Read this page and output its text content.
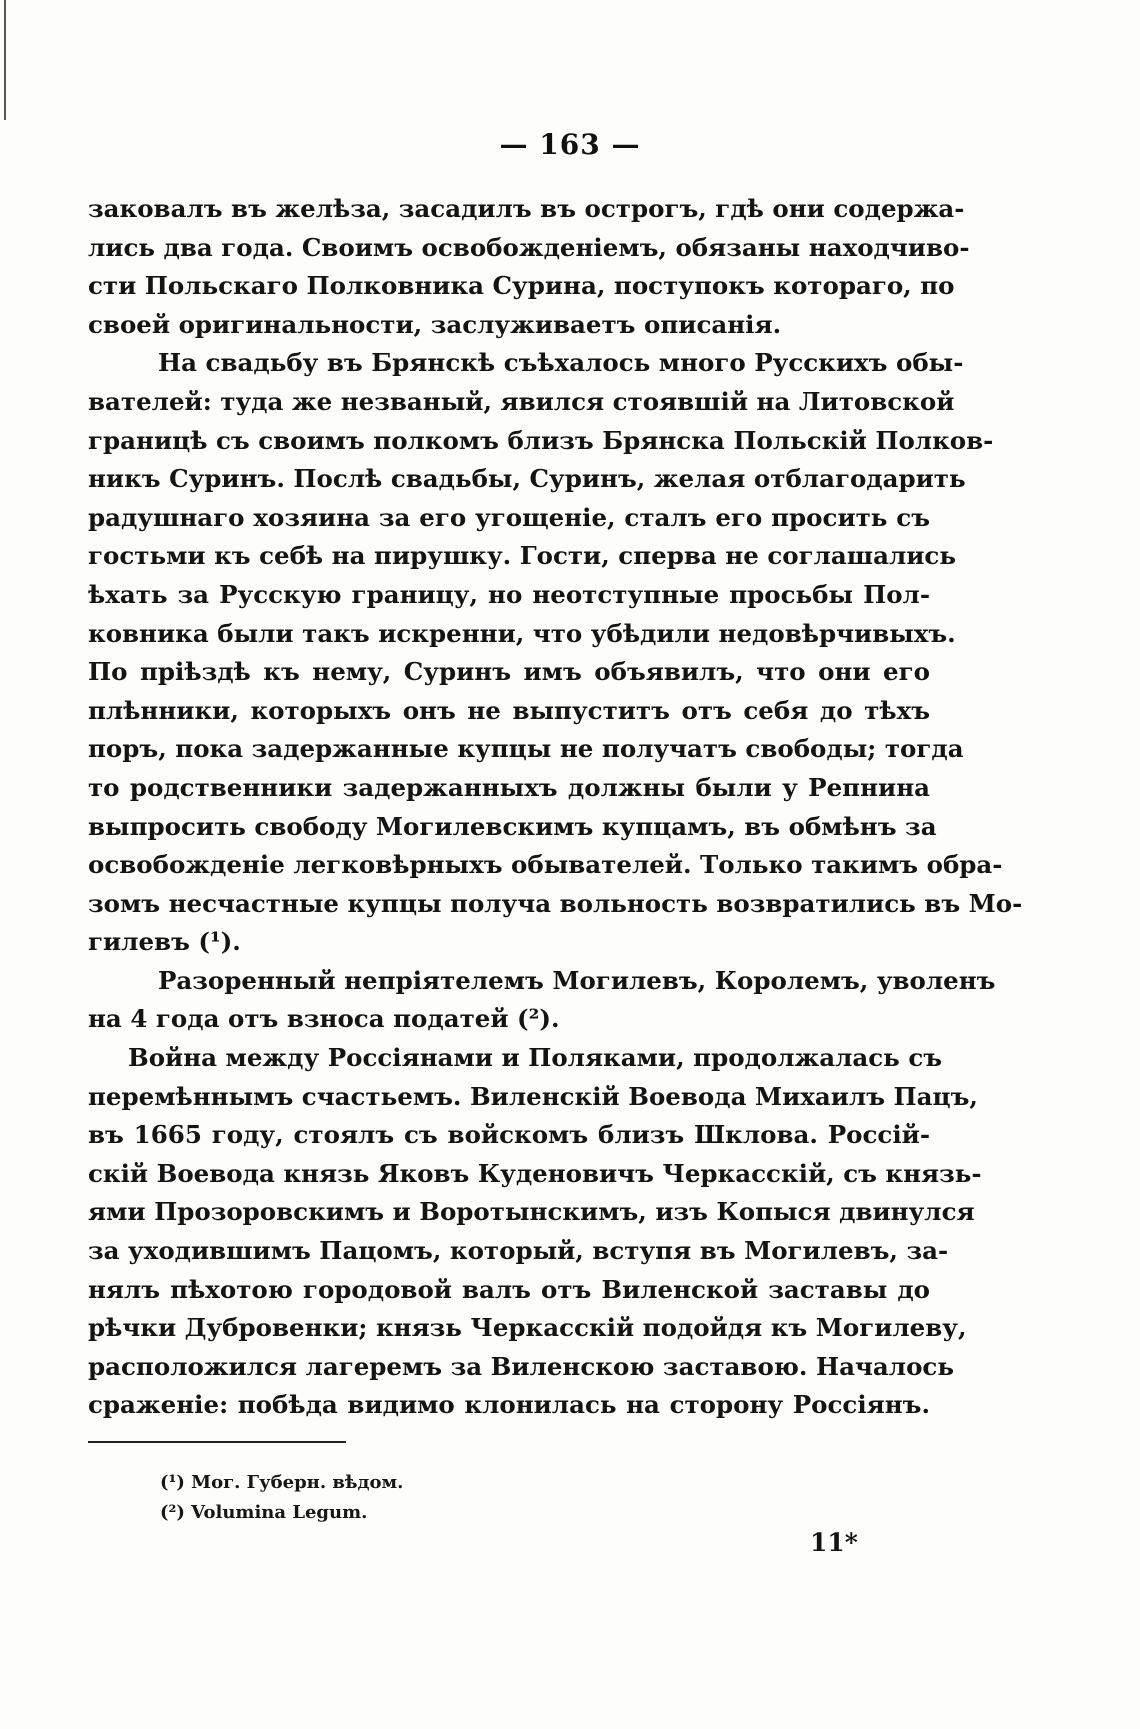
— 163 —
заковалъ въ желѣза, засадилъ въ острогъ, гдѣ они содержа-
лись два года. Своимъ освобожденіемъ, обязаны находчиво-
сти Польскаго Полковника Сурина, поступокъ котораго, по
своей оригинальности, заслуживаетъ описанія.
На свадьбу въ Брянскѣ съѣхалось много Русскихъ обы-
вателей: туда же незваный, явился стоявшій на Литовской
границѣ съ своимъ полкомъ близъ Брянска Польскій Полков-
никъ Суринъ. Послѣ свадьбы, Суринъ, желая отблагодарить
радушнаго хозяина за его угощеніе, сталъ его просить съ
гостьми къ себѣ на пирушку. Гости, сперва не соглашались
ѣхать за Русскую границу, но неотступные просьбы Пол-
ковника были такъ искренни, что убѣдили недовѣрчивыхъ.
По пріѣздѣ къ нему, Суринъ имъ объявилъ, что они его
плѣнники, которыхъ онъ не выпуститъ отъ себя до тѣхъ
поръ, пока задержанные купцы не получатъ свободы; тогда
то родственники задержанныхъ должны были у Репнина
выпросить свободу Могилевскимъ купцамъ, въ обмѣнъ за
освобожденіе легковѣрныхъ обывателей. Только такимъ обра-
зомъ несчастные купцы получа вольность возвратились въ Мо-
гилевъ (¹).
Разоренный непріятелемъ Могилевъ, Королемъ, уволенъ
на 4 года отъ взноса податей (²).
Война между Россіянами и Поляками, продолжалась съ
перемѣннымъ счастьемъ. Виленскій Воевода Михаилъ Пацъ,
въ 1665 году, стоялъ съ войскомъ близъ Шклова. Россій-
скій Воевода князь Яковъ Куденовичъ Черкасскій, съ князь-
ями Прозоровскимъ и Воротынскимъ, изъ Копыся двинулся
за уходившимъ Пацомъ, который, вступя въ Могилевъ, за-
нялъ пѣхотою городовой валъ отъ Виленской заставы до
рѣчки Дубровенки; князь Черкасскій подойдя къ Могилеву,
расположился лагеремъ за Виленскою заставою. Началось
сраженіе: побѣда видимо клонилась на сторону Россіянъ.
(¹) Мог. Губерн. вѣдом.
(²) Volumina Legum.
11*
